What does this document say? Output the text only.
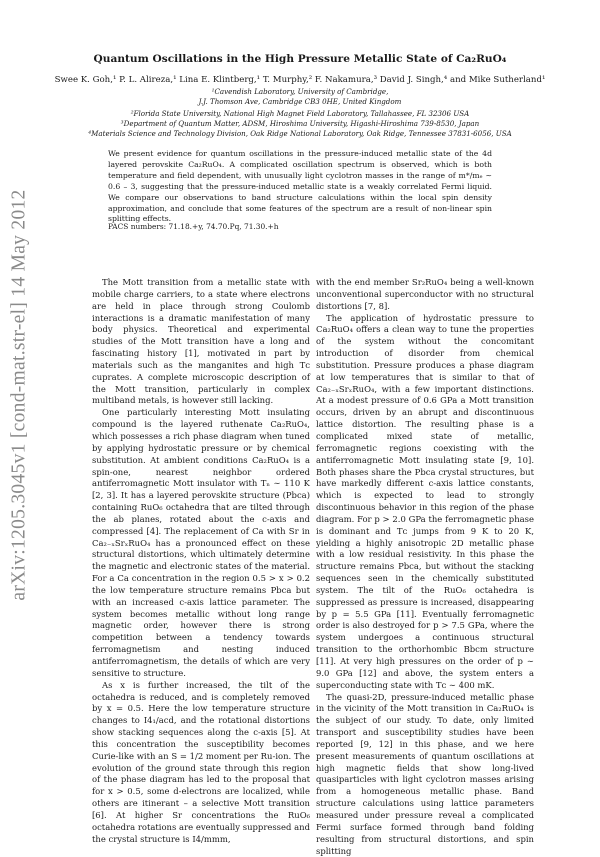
arXiv:1205.3045v1 [cond-mat.str-el] 14 May 2012
Quantum Oscillations in the High Pressure Metallic State of Ca₂RuO₄
Swee K. Goh,¹ P. L. Alireza,¹ Lina E. Klintberg,¹ T. Murphy,² F. Nakamura,³ David J. Singh,⁴ and Mike Sutherland¹
¹Cavendish Laboratory, University of Cambridge,
J.J. Thomson Ave, Cambridge CB3 0HE, United Kingdom
²Florida State University, National High Magnet Field Laboratory, Tallahassee, FL 32306 USA
³Department of Quantum Matter, ADSM, Hiroshima University, Higashi-Hiroshima 739-8530, Japan
⁴Materials Science and Technology Division, Oak Ridge National Laboratory, Oak Ridge, Tennessee 37831-6056, USA
We present evidence for quantum oscillations in the pressure-induced metallic state of the 4d layered perovskite Ca₂RuO₄. A complicated oscillation spectrum is observed, which is both temperature and field dependent, with unusually light cyclotron masses in the range of m*/mₑ ∼ 0.6 – 3, suggesting that the pressure-induced metallic state is a weakly correlated Fermi liquid. We compare our observations to band structure calculations within the local spin density approximation, and conclude that some features of the spectrum are a result of non-linear spin splitting effects.
PACS numbers: 71.18.+y, 74.70.Pq, 71.30.+h

The Mott transition from a metallic state with mobile charge carriers, to a state where electrons are held in place through strong Coulomb interactions is a dramatic manifestation of many body physics. Theoretical and experimental studies of the Mott transition have a long and fascinating history [1], motivated in part by materials such as the manganites and high Tᴄ cuprates. A complete microscopic description of the Mott transition, particularly in complex multiband metals, is however still lacking.

One particularly interesting Mott insulating compound is the layered ruthenate Ca₂RuO₄, which possesses a rich phase diagram when tuned by applying hydrostatic pressure or by chemical substitution. At ambient conditions Ca₂RuO₄ is a spin-one, nearest neighbor ordered antiferromagnetic Mott insulator with Tₙ ∼ 110 K [2, 3]. It has a layered perovskite structure (Pbca) containing RuO₆ octahedra that are tilted through the ab planes, rotated about the c-axis and compressed [4]. The replacement of Ca with Sr in Ca₂₋ₓSrₓRuO₄ has a pronounced effect on these structural distortions, which ultimately determine the magnetic and electronic states of the material. For a Ca concentration in the region 0.5 > x > 0.2 the low temperature structure remains Pbca but with an increased c-axis lattice parameter. The system becomes metallic without long range magnetic order, however there is strong competition between a tendency towards ferromagnetism and nesting induced antiferromagnetism, the details of which are very sensitive to structure.

As x is further increased, the tilt of the octahedra is reduced, and is completely removed by x = 0.5. Here the low temperature structure changes to I4₁/acd, and the rotational distortions show stacking sequences along the c-axis [5]. At this concentration the susceptibility becomes Curie-like with an S = 1/2 moment per Ru-ion. The evolution of the ground state through this region of the phase diagram has led to the proposal that for x > 0.5, some d-electrons are localized, while others are itinerant – a selective Mott transition [6]. At higher Sr concentrations the RuO₆ octahedra rotations are eventually suppressed and the crystal structure is I4/mmm,

with the end member Sr₂RuO₄ being a well-known unconventional superconductor with no structural distortions [7, 8].

The application of hydrostatic pressure to Ca₂RuO₄ offers a clean way to tune the properties of the system without the concomitant introduction of disorder from chemical substitution. Pressure produces a phase diagram at low temperatures that is similar to that of Ca₂₋ₓSrₓRuO₄, with a few important distinctions. At a modest pressure of 0.6 GPa a Mott transition occurs, driven by an abrupt and discontinuous lattice distortion. The resulting phase is a complicated mixed state of metallic, ferromagnetic regions coexisting with the antiferromagnetic Mott insulating state [9, 10]. Both phases share the Pbca crystal structures, but have markedly different c-axis lattice constants, which is expected to lead to strongly discontinuous behavior in this region of the phase diagram. For p > 2.0 GPa the ferromagnetic phase is dominant and Tᴄ jumps from 9 K to 20 K, yielding a highly anisotropic 2D metallic phase with a low residual resistivity. In this phase the structure remains Pbca, but without the stacking sequences seen in the chemically substituted system. The tilt of the RuO₆ octahedra is suppressed as pressure is increased, disappearing by p = 5.5 GPa [11]. Eventually ferromagnetic order is also destroyed for p > 7.5 GPa, where the system undergoes a continuous structural transition to the orthorhombic Bbcm structure [11]. At very high pressures on the order of p ∼ 9.0 GPa [12] and above, the system enters a superconducting state with Tᴄ ∼ 400 mK.

The quasi-2D, pressure-induced metallic phase in the vicinity of the Mott transition in Ca₂RuO₄ is the subject of our study. To date, only limited transport and susceptibility studies have been reported [9, 12] in this phase, and we here present measurements of quantum oscillations at high magnetic fields that show long-lived quasiparticles with light cyclotron masses arising from a homogeneous metallic phase. Band structure calculations using lattice parameters measured under pressure reveal a complicated Fermi surface formed through band folding resulting from structural distortions, and spin splitting
